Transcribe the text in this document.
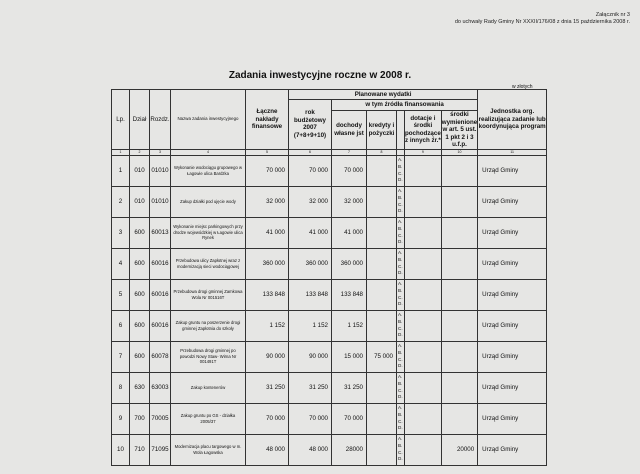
Załącznik nr 3
do uchwały Rady Gminy Nr XXXII/176/08 z dnia 15 października 2008 r.
Zadania inwestycyjne roczne w 2008 r.
w złotych
Lp.	Dział	Rozdz.	Nazwa zadania inwestycyjnego	Łączne nakłady finansowe	Planowane wydatki						Jednostka org. realizująca zadanie lub koordynująca program
					rok budżetowy 2007 (7+8+9+10)	w tym źródła finansowania					
						dochody własne jst	kredyty i pożyczki		dotacje i środki pochodzące z innych źr.*	środki wymienione w art. 5 ust. 1 pkt 2 i 3 u.f.p.	
1	2	3	4	5	6	7	8		9	10	11
1	010	01010	Wykonanie wodociągu grupowego w Łagowie ulica Bardzka	70 000	70 000	70 000		A.
B.
C.
D.			Urząd Gminy
2	010	01010	Zakup działki pod ujęcie wody	32 000	32 000	32 000		A.
B.
C.
D.			Urząd Gminy
3	600	60013	Wykonanie miejsc parkingowych przy drodze wojewódzkiej w Łagowie ulica Rynek	41 000	41 000	41 000		A.
B.
C.
D.			Urząd Gminy
4	600	60016	Przebudowa ulicy Zapłotnej wraz z modernizacją sieci wodociągowej	360 000	360 000	360 000		A.
B.
C.
D.			Urząd Gminy
5	600	60016	Przebudowa drogi gminnej Zamkowa Wola Nr 001516T	133 848	133 848	133 848		A.
B.
C.
D.			Urząd Gminy
6	600	60016	Zakup gruntu na poszerzenie drogi gminnej Zapłotnia do szkoły	1 152	1 152	1 152		A.
B.
C.
D.			Urząd Gminy
7	600	60078	Przebudowa drogi gminnej po powodzi Nowy Staw- Wirna Nr 001491T	90 000	90 000	15 000	75 000	A.
B.
C.
D.			Urząd Gminy
8	630	63003	Zakup kontenerów	31 250	31 250	31 250		A.
B.
C.
D.			Urząd Gminy
9	700	70005	Zakup gruntu po GS - działka 2005/37	70 000	70 000	70 000		A.
B.
C.
D.			Urząd Gminy
10	710	71095	Modernizacja placu targowego w m. Wola Łagowska	48 000	48 000	28000		A.
B.
C.
D.		20000	Urząd Gminy
